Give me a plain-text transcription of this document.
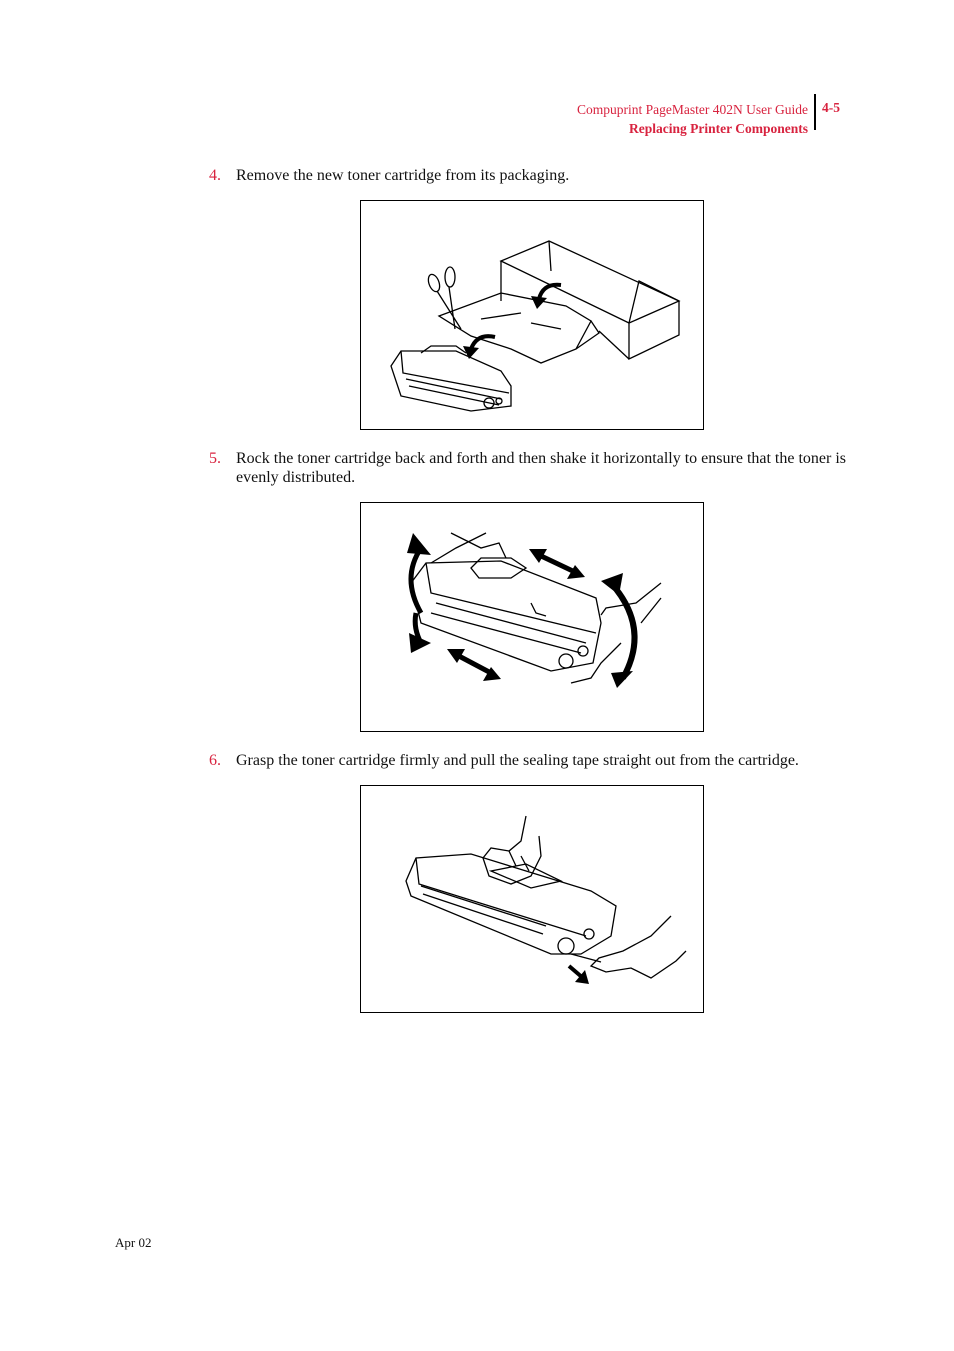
Compuprint PageMaster 402N User Guide
Replacing Printer Components
4-5
4. Remove the new toner cartridge from its packaging.
5. Rock the toner cartridge back and forth and then shake it horizontally to ensure that the toner is evenly distributed.
6. Grasp the toner cartridge firmly and pull the sealing tape straight out from the cartridge.
Apr 02
